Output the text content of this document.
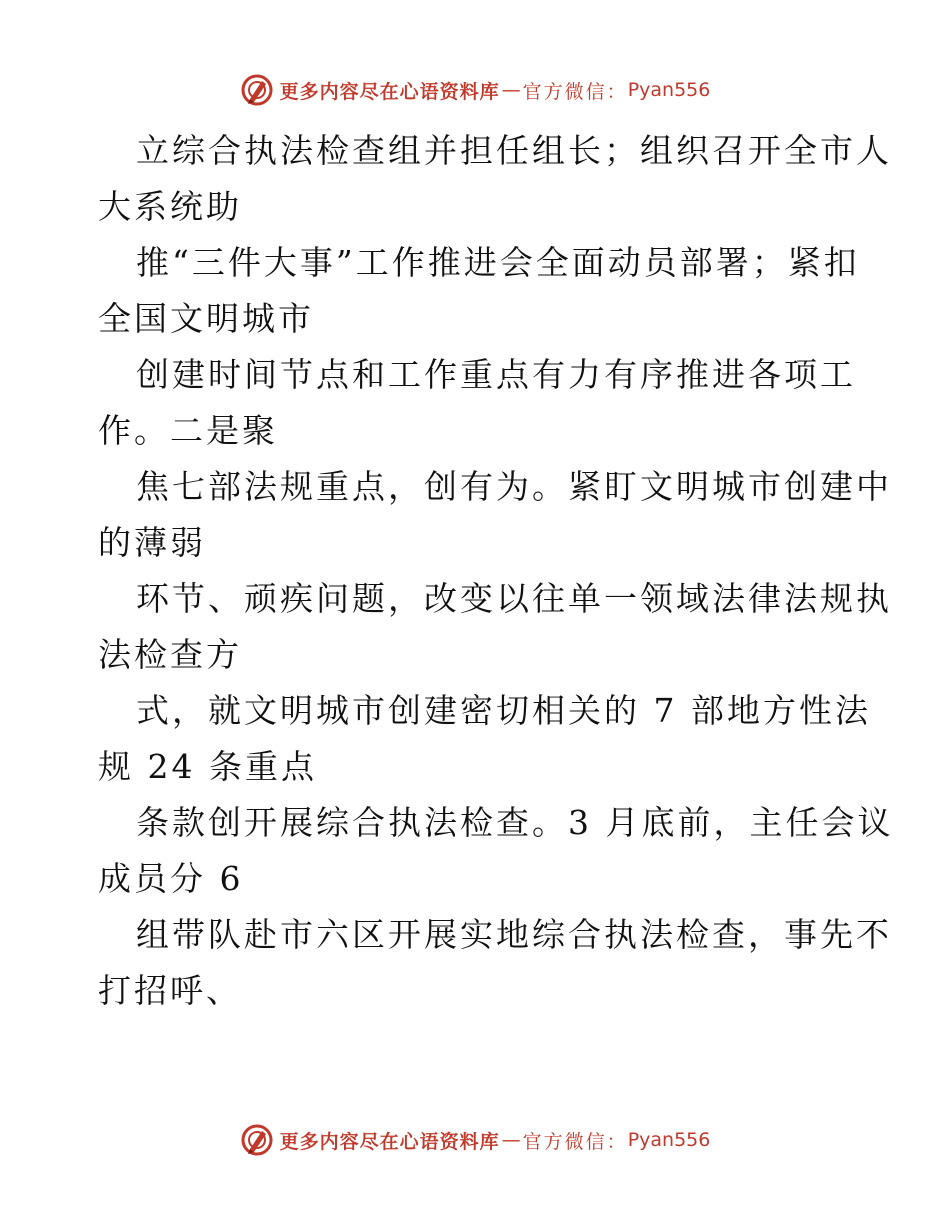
更多内容尽在心语资料库 — 官方微信： Pyan556

立综合执法检查组并担任组长；组织召开全市人
大系统助

推“三件大事”工作推进会全面动员部署；紧扣
全国文明城市

创建时间节点和工作重点有力有序推进各项工
作。二是聚

焦七部法规重点，创有为。紧盯文明城市创建中
的薄弱

环节、顽疾问题，改变以往单一领域法律法规执
法检查方

式，就文明城市创建密切相关的 7 部地方性法
规 24 条重点

条款创开展综合执法检查。3 月底前，主任会议
成员分 6

组带队赴市六区开展实地综合执法检查，事先不
打招呼、

更多内容尽在心语资料库 — 官方微信： Pyan556
